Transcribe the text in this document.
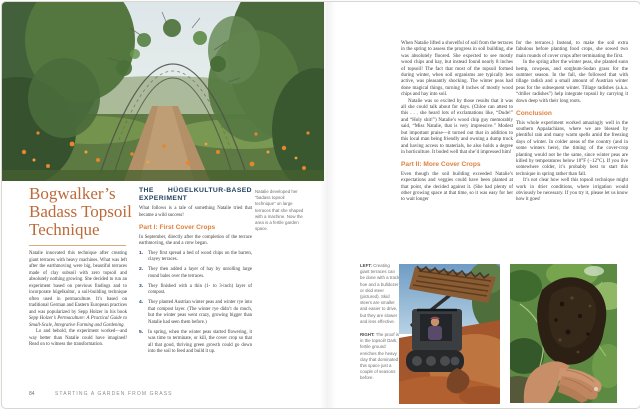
Bogwalker’s
Badass Topsoil
Technique

Natalie innovated this technique after creating giant terraces with heavy machines. What was left after the earthmoving were big, beautiful terraces made of clay subsoil with zero topsoil and absolutely nothing growing. She decided to run an experiment based on previous findings and to incorporate hügelkultur, a soil-building technique often used in permaculture. It’s based on traditional German and Eastern European practices and was popularized by Sepp Holzer in his book Sepp Holzer’s Permaculture: A Practical Guide to Small-Scale, Integrative Farming and Gardening.

Lo and behold, the experiment worked—and way better than Natalie could have imagined! Read on to witness the transformation.

THE HÜGELKULTUR-BASED EXPERIMENT

What follows is a tale of something Natalie tried that became a wild success!

Part I: First Cover Crops

In September, directly after the completion of the terrace earthmoving, she and a crew began.

1. They first spread a bed of wood chips on the barren, clayey terraces.
2. They then added a layer of hay by unrolling large round bales over the terraces.
3. They finished with a thin (1- to 3-inch) layer of compost.
4. They planted Austrian winter peas and winter rye into that compost layer. (The winter rye didn’t do much, but the winter peas went crazy, growing bigger than Natalie had seen them before.)
5. In spring, when the winter peas started flowering, it was time to terminate, or kill, the cover crop so that all that good, thriving green growth could go down into the soil to feed and build it up.
Natalie developed her “badass topsoil technique” on large terraces that she shaped with a machine. Now the area is a fertile garden space.
84	STARTING A GARDEN FROM GRASS

When Natalie lifted a shovelful of soil from the terraces in the spring to assess the progress in soil building, she was absolutely floored. She expected to see mostly wood chips and hay, but instead found nearly 8 inches of topsoil! The fact that most of the topsoil formed during winter, when soil organisms are typically less active, was pleasantly shocking. The winter peas had done magical things, turning 8 inches of mostly wood chips and hay into soil.

Natalie was so excited by those results that it was all she could talk about for days. (Chloe can attest to this . . . she heard lots of exclamations like, “Dude!” and “Holy shit!”) Natalie’s wood chip guy memorably said, “Miss Natalie, that is very impressive.” Modest but important praise—it turned out that in addition to this local man being friendly and owning a dump truck and having access to materials, he also holds a degree in horticulture. It boded well that she’d impressed him!

Part II: More Cover Crops

Even though the soil building exceeded Natalie’s expectations and veggies could have been planted at that point, she decided against it. (She had plenty of other growing space at that time, so it was easy for her to wait longer

for the terraces.) Instead, to make the soil extra fabulous before planting food crops, she sowed two main rounds of cover crops after terminating the first.

In the spring after the winter peas, she planted sunn hemp, cowpeas, and sorghum-Sudan grass for the summer season. In the fall, she followed that with tillage radish and a small amount of Austrian winter peas for the subsequent winter. Tillage radishes (a.k.a. “driller radishes”) help integrate topsoil by carrying it down deep with their long roots.

Conclusion

This whole experiment worked amazingly well in the southern Appalachians, where we are blessed by plentiful rain and many warm spells amid the freezing days of winter. In colder areas of the country (and in some winters here), the timing of the cover-crop planting would not be the same, since winter peas are killed by temperatures below 10°F (−12°C). If you live somewhere colder, it’s probably best to start this technique in spring rather than fall.

It’s not clear how well this topsoil technique might work in drier conditions, where irrigation would obviously be necessary. If you try it, please let us know how it goes!

LEFT: Creating giant terraces can be done with a track hoe and a bulldozer or skid steer (pictured). Skid steers are smaller and easier to drive, but they are slower and less effective.
RIGHT: The proof is in the topsoil! Dark, fertile ground enriches the heavy clay that dominated this space just a couple of seasons before.
